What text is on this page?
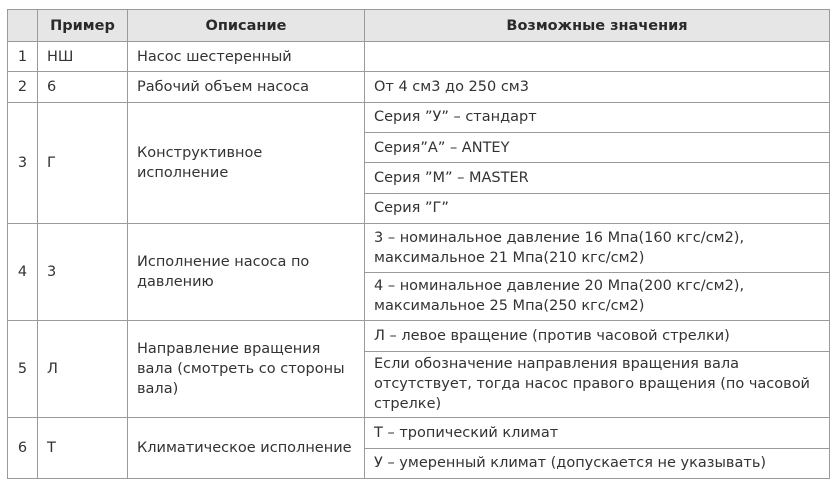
	Пример	Описание	Возможные значения
1	НШ	Насос шестеренный	
2	6	Рабочий объем насоса	От 4 см3 до 250 см3
3	Г	Конструктивное исполнение	Серия ”У” – стандарт
			Серия”А” – ANTEY
			Серия ”М” – MASTER
			Серия ”Г”
4	3	Исполнение насоса по давлению	3 – номинальное давление 16 Мпа(160 кгс/см2), максимальное 21 Мпа(210 кгс/см2)
			4 – номинальное давление 20 Мпа(200 кгс/см2), максимальное 25 Мпа(250 кгс/см2)
5	Л	Направление вращения вала (смотреть со стороны вала)	Л – левое вращение (против часовой стрелки)
			Если обозначение направления вращения вала отсутствует, тогда насос правого вращения (по часовой стрелке)
6	Т	Климатическое исполнение	Т – тропический климат
			У – умеренный климат (допускается не указывать)
